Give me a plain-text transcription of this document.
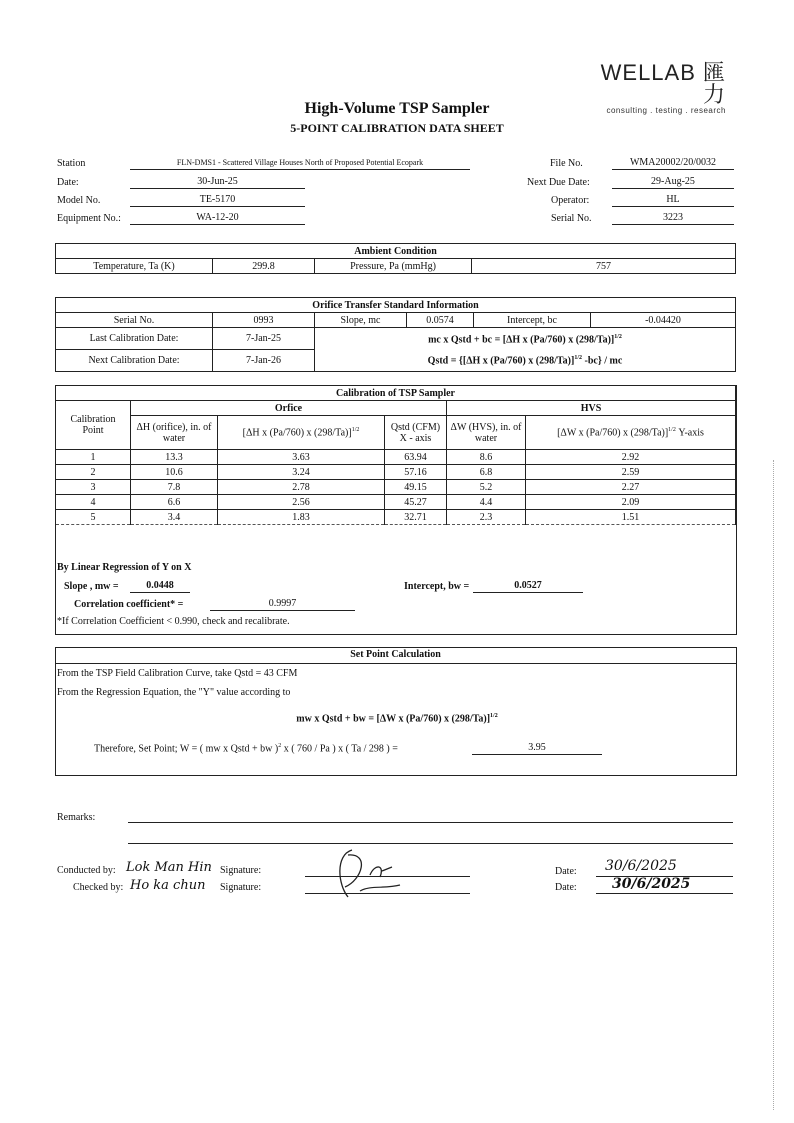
WELLAB 匯力
consulting . testing . research
High-Volume TSP Sampler
5-POINT CALIBRATION DATA SHEET
Station	FLN-DMS1 - Scattered Village Houses North of Proposed Potential Ecopark
Date:	30-Jun-25
Model No.	TE-5170
Equipment No.:	WA-12-20
File No.	WMA20002/20/0032
Next Due Date:	29-Aug-25
Operator:	HL
Serial No.	3223
Ambient Condition
Temperature, Ta (K)	299.8	Pressure, Pa (mmHg)	757
Orifice Transfer Standard Information					
Serial No.	0993	Slope, mc	0.0574	Intercept, bc	-0.04420
Last Calibration Date:	7-Jan-25	mc x Qstd + bc = [ΔH x (Pa/760) x (298/Ta)]$^{1/2}$
Qstd = {[ΔH x (Pa/760) x (298/Ta)]$^{1/2}$ -bc} / mc			

Next Calibration Date:	7-Jan-26				
Calibration of TSP Sampler					
Calibration Point	Orfice			HVS	
	ΔH (orifice), in. of water	[ΔH x (Pa/760) x (298/Ta)]$^{1/2}$	Qstd (CFM) X - axis	ΔW (HVS), in. of water	[ΔW x (Pa/760) x (298/Ta)]$^{1/2}$ Y-axis
1	13.3	3.63	63.94	8.6	2.92
2	10.6	3.24	57.16	6.8	2.59
3	7.8	2.78	49.15	5.2	2.27
4	6.6	2.56	45.27	4.4	2.09
5	3.4	1.83	32.71	2.3	1.51
By Linear Regression of Y on X
Slope , mw =	0.0448	Intercept, bw =	0.0527
Correlation coefficient* =	0.9997
*If Correlation Coefficient < 0.990, check and recalibrate.
Set Point Calculation
From the TSP Field Calibration Curve, take Qstd = 43 CFM
From the Regression Equation, the "Y" value according to
mw x Qstd + bw = [ΔW x (Pa/760) x (298/Ta)]$^{1/2}$
Therefore, Set Point; W = ( mw x Qstd + bw )$^2$ x ( 760 / Pa ) x ( Ta / 298 ) =	3.95
Remarks:
Conducted by: Lok Man Hin Signature:	Date: 30/6/2025
Checked by: Ho ka chun Signature:	Date:	30/6/2025
